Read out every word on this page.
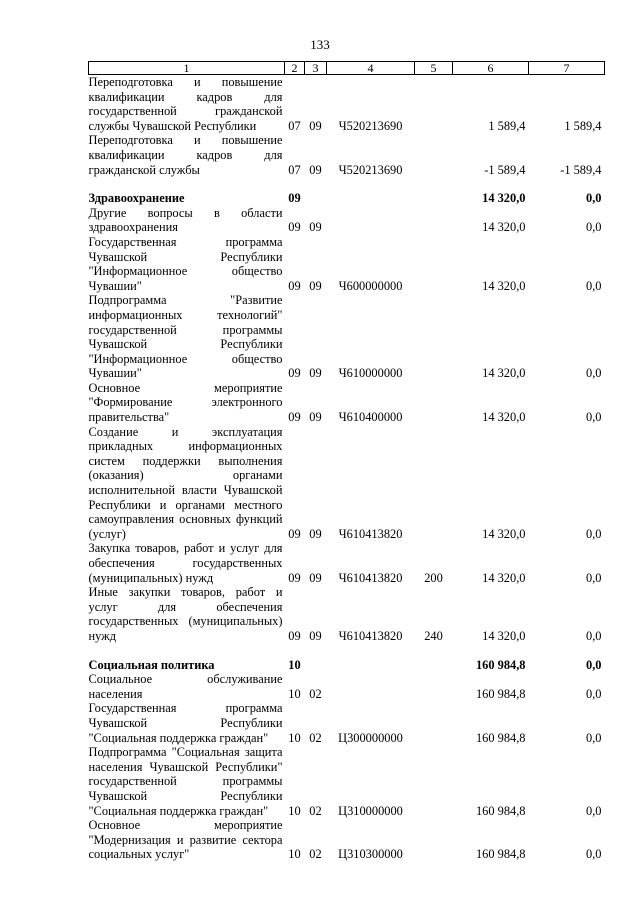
133
1	2	3	4	5	6	7
Переподготовка и повышение квалификации кадров для государственной гражданской службы Чувашской Республики	07	09	Ч520213690		1 589,4	1 589,4
Переподготовка и повышение квалификации кадров для гражданской службы	07	09	Ч520213690		-1 589,4	-1 589,4

Здравоохранение	09				14 320,0	0,0
Другие вопросы в области здравоохранения	09	09			14 320,0	0,0
Государственная программа Чувашской Республики "Информационное общество Чувашии"	09	09	Ч600000000		14 320,0	0,0
Подпрограмма "Развитие информационных технологий" государственной программы Чувашской Республики "Информационное общество Чувашии"	09	09	Ч610000000		14 320,0	0,0
Основное мероприятие "Формирование электронного правительства"	09	09	Ч610400000		14 320,0	0,0
Создание и эксплуатация прикладных информационных систем поддержки выполнения (оказания) органами исполнительной власти Чувашской Республики и органами местного самоуправления основных функций (услуг)	09	09	Ч610413820		14 320,0	0,0
Закупка товаров, работ и услуг для обеспечения государственных (муниципальных) нужд	09	09	Ч610413820	200	14 320,0	0,0
Иные закупки товаров, работ и услуг для обеспечения государственных (муниципальных) нужд	09	09	Ч610413820	240	14 320,0	0,0

Социальная политика	10				160 984,8	0,0
Социальное обслуживание населения	10	02			160 984,8	0,0
Государственная программа Чувашской Республики "Социальная поддержка граждан"	10	02	Ц300000000		160 984,8	0,0
Подпрограмма "Социальная защита населения Чувашской Республики" государственной программы Чувашской Республики "Социальная поддержка граждан"	10	02	Ц310000000		160 984,8	0,0
Основное мероприятие "Модернизация и развитие сектора социальных услуг"	10	02	Ц310300000		160 984,8	0,0
